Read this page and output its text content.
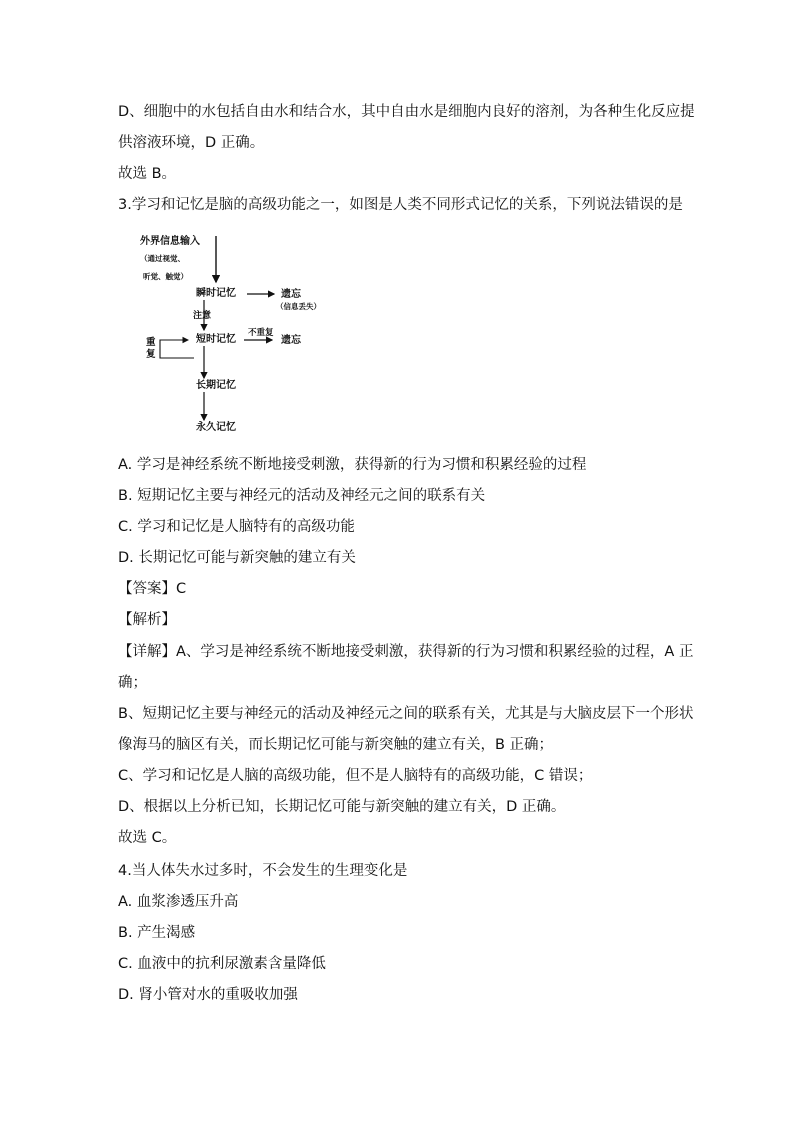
D、细胞中的水包括自由水和结合水，其中自由水是细胞内良好的溶剂，为各种生化反应提
供溶液环境，D 正确。
故选 B。
3.学习和记忆是脑的高级功能之一，如图是人类不同形式记忆的关系，下列说法错误的是
外界信息输入
（通过视觉、
听觉、触觉）
瞬时记忆	遗忘
（信息丢失）
注意
重
复
短时记忆
不重复
遗忘
长期记忆
永久记忆
A. 学习是神经系统不断地接受刺激，获得新的行为习惯和积累经验的过程
B. 短期记忆主要与神经元的活动及神经元之间的联系有关
C. 学习和记忆是人脑特有的高级功能
D. 长期记忆可能与新突触的建立有关
【答案】C
【解析】
【详解】A、学习是神经系统不断地接受刺激，获得新的行为习惯和积累经验的过程，A 正
确；
B、短期记忆主要与神经元的活动及神经元之间的联系有关，尤其是与大脑皮层下一个形状
像海马的脑区有关，而长期记忆可能与新突触的建立有关，B 正确；
C、学习和记忆是人脑的高级功能，但不是人脑特有的高级功能，C 错误；
D、根据以上分析已知，长期记忆可能与新突触的建立有关，D 正确。
故选 C。
4.当人体失水过多时，不会发生的生理变化是
A. 血浆渗透压升高
B. 产生渴感
C. 血液中的抗利尿激素含量降低
D. 肾小管对水的重吸收加强
